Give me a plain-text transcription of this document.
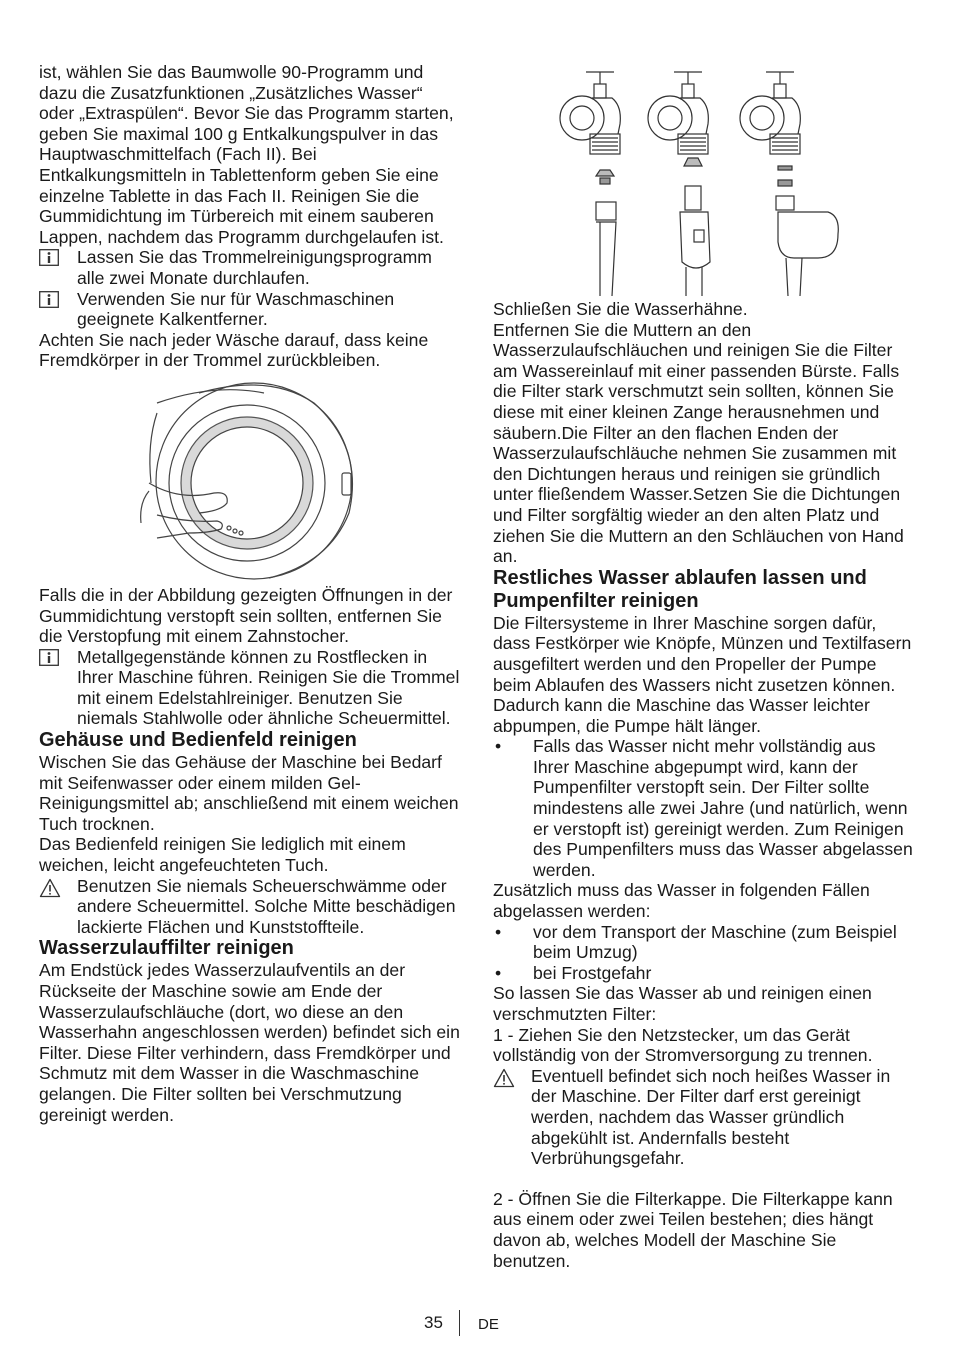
ist, wählen Sie das Baumwolle 90-Programm und dazu die Zusatzfunktionen „Zusätzliches Wasser“ oder „Extraspülen“. Bevor Sie das Programm starten, geben Sie maximal 100 g Entkalkungspulver in das Hauptwaschmittelfach (Fach II). Bei Entkalkungsmitteln in Tablettenform geben Sie eine einzelne Tablette in das Fach II. Reinigen Sie die Gummidichtung im Türbereich mit einem sauberen Lappen, nachdem das Programm durchgelaufen ist.

Lassen Sie das Trommelreinigungsprogramm alle zwei Monate durchlaufen.
Verwenden Sie nur für Waschmaschinen geeignete Kalkentferner.

Achten Sie nach jeder Wäsche darauf, dass keine Fremdkörper in der Trommel zurückbleiben.

Falls die in der Abbildung gezeigten Öffnungen in der Gummidichtung verstopft sein sollten, entfernen Sie die Verstopfung mit einem Zahnstocher.

Metallgegenstände können zu Rostflecken in Ihrer Maschine führen. Reinigen Sie die Trommel mit einem Edelstahlreiniger. Benutzen Sie niemals Stahlwolle oder ähnliche Scheuermittel.
Gehäuse und Bedienfeld reinigen

Wischen Sie das Gehäuse der Maschine bei Bedarf mit Seifenwasser oder einem milden Gel-Reinigungsmittel ab; anschließend mit einem weichen Tuch trocknen.

Das Bedienfeld reinigen Sie lediglich mit einem weichen, leicht angefeuchteten Tuch.

Benutzen Sie niemals Scheuerschwämme oder andere Scheuermittel. Solche Mitte beschädigen lackierte Flächen und Kunststoffteile.
Wasserzulauffilter reinigen

Am Endstück jedes Wasserzulaufventils an der Rückseite der Maschine sowie am Ende der Wasserzulaufschläuche (dort, wo diese an den Wasserhahn angeschlossen werden) befindet sich ein Filter. Diese Filter verhindern, dass Fremdkörper und Schmutz mit dem Wasser in die Waschmaschine gelangen. Die Filter sollten bei Verschmutzung gereinigt werden.

Schließen Sie die Wasserhähne.

Entfernen Sie die Muttern an den Wasserzulaufschläuchen und reinigen Sie die Filter am Wassereinlauf mit einer passenden Bürste. Falls die Filter stark verschmutzt sein sollten, können Sie diese mit einer kleinen Zange herausnehmen und säubern.Die Filter an den flachen Enden der Wasserzulaufschläuche nehmen Sie zusammen mit den Dichtungen heraus und reinigen sie gründlich unter fließendem Wasser.Setzen Sie die Dichtungen und Filter sorgfältig wieder an den alten Platz und ziehen Sie die Muttern an den Schläuchen von Hand an.

Restliches Wasser ablaufen lassen und Pumpenfilter reinigen

Die Filtersysteme in Ihrer Maschine sorgen dafür, dass Festkörper wie Knöpfe, Münzen und Textilfasern ausgefiltert werden und den Propeller der Pumpe beim Ablaufen des Wassers nicht zusetzen können. Dadurch kann die Maschine das Wasser leichter abpumpen, die Pumpe hält länger.

•	Falls das Wasser nicht mehr vollständig aus Ihrer Maschine abgepumpt wird, kann der Pumpenfilter verstopft sein. Der Filter sollte mindestens alle zwei Jahre (und natürlich, wenn er verstopft ist) gereinigt werden. Zum Reinigen des Pumpenfilters muss das Wasser abgelassen werden.

Zusätzlich muss das Wasser in folgenden Fällen abgelassen werden:

•	vor dem Transport der Maschine (zum Beispiel beim Umzug)
•	bei Frostgefahr

So lassen Sie das Wasser ab und reinigen einen verschmutzten Filter:

1 - Ziehen Sie den Netzstecker, um das Gerät vollständig von der Stromversorgung zu trennen.

Eventuell befindet sich noch heißes Wasser in der Maschine. Der Filter darf erst gereinigt werden, nachdem das Wasser gründlich abgekühlt ist. Andernfalls besteht Verbrühungsgefahr.

2 - Öffnen Sie die Filterkappe. Die Filterkappe kann aus einem oder zwei Teilen bestehen; dies hängt davon ab, welches Modell der Maschine Sie benutzen.

35 DE
